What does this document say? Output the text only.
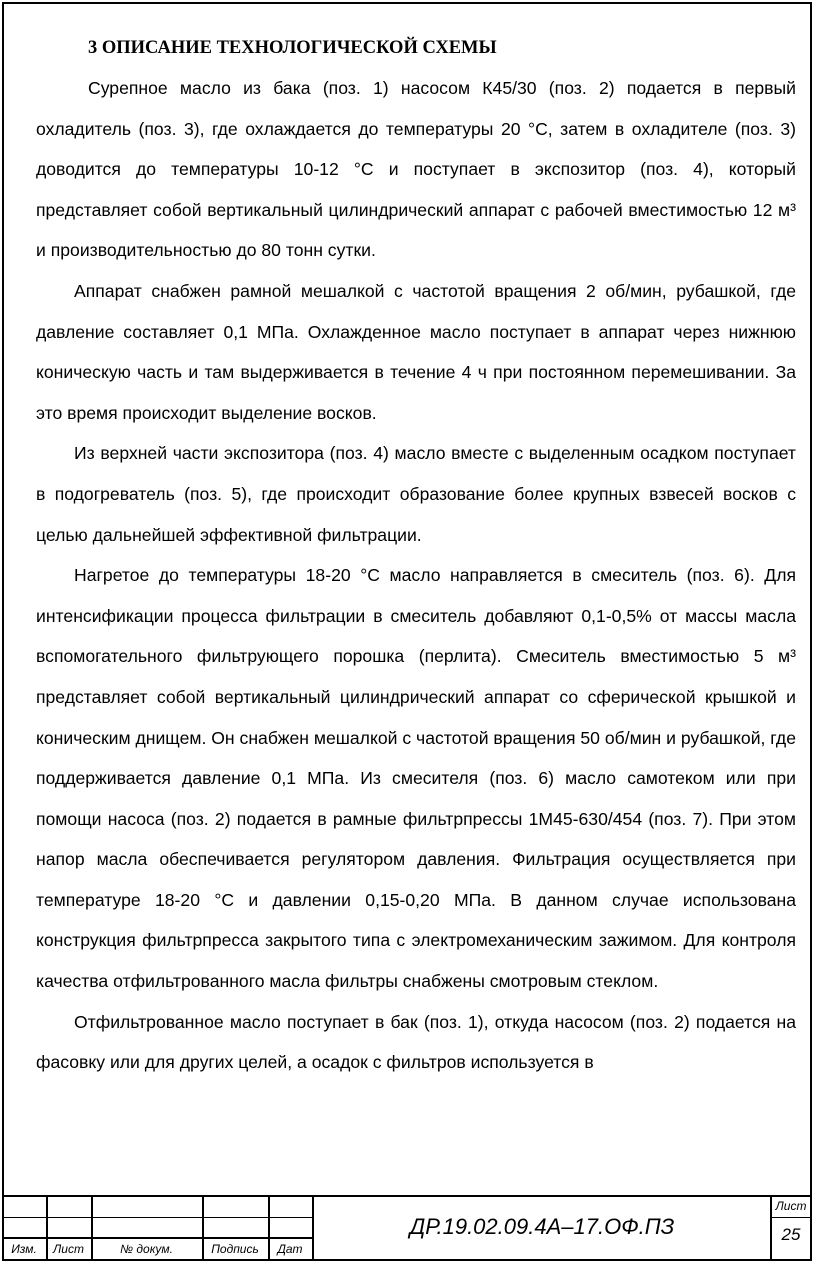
3 ОПИСАНИЕ ТЕХНОЛОГИЧЕСКОЙ СХЕМЫ

Сурепное масло из бака (поз. 1) насосом К45/30 (поз. 2) подается в первый охладитель (поз. 3), где охлаждается до температуры 20 °С, затем в охладителе (поз. 3) доводится до температуры 10-12 °С и поступает в экспозитор (поз. 4), который представляет собой вертикальный цилиндрический аппарат с рабочей вместимостью 12 м³ и производительностью до 80 тонн сутки.

Аппарат снабжен рамной мешалкой с частотой вращения 2 об/мин, рубашкой, где давление составляет 0,1 МПа. Охлажденное масло поступает в аппарат через нижнюю коническую часть и там выдерживается в течение 4 ч при постоянном перемешивании. За это время происходит выделение восков.

Из верхней части экспозитора (поз. 4) масло вместе с выделенным осадком поступает в подогреватель (поз. 5), где происходит образование более крупных взвесей восков с целью дальнейшей эффективной фильтрации.

Нагретое до температуры 18-20 °С масло направляется в смеситель (поз. 6). Для интенсификации процесса фильтрации в смеситель добавляют 0,1-0,5% от массы масла вспомогательного фильтрующего порошка (перлита). Смеситель вместимостью 5 м³ представляет собой вертикальный цилиндрический аппарат со сферической крышкой и коническим днищем. Он снабжен мешалкой с частотой вращения 50 об/мин и рубашкой, где поддерживается давление 0,1 МПа. Из смесителя (поз. 6) масло самотеком или при помощи насоса (поз. 2) подается в рамные фильтрпрессы 1М45-630/454 (поз. 7). При этом напор масла обеспечивается регулятором давления. Фильтрация осуществляется при температуре 18-20 °С и давлении 0,15-0,20 МПа. В данном случае использована конструкция фильтрпресса закрытого типа с электромеханическим зажимом. Для контроля качества отфильтрованного масла фильтры снабжены смотровым стеклом.

Отфильтрованное масло поступает в бак (поз. 1), откуда насосом (поз. 2) подается на фасовку или для других целей, а осадок с фильтров используется в

Изм.	Лист	№ докум.	Подпись	Дат
ДР.19.02.09.4А–17.ОФ.ПЗ
Лист
25
